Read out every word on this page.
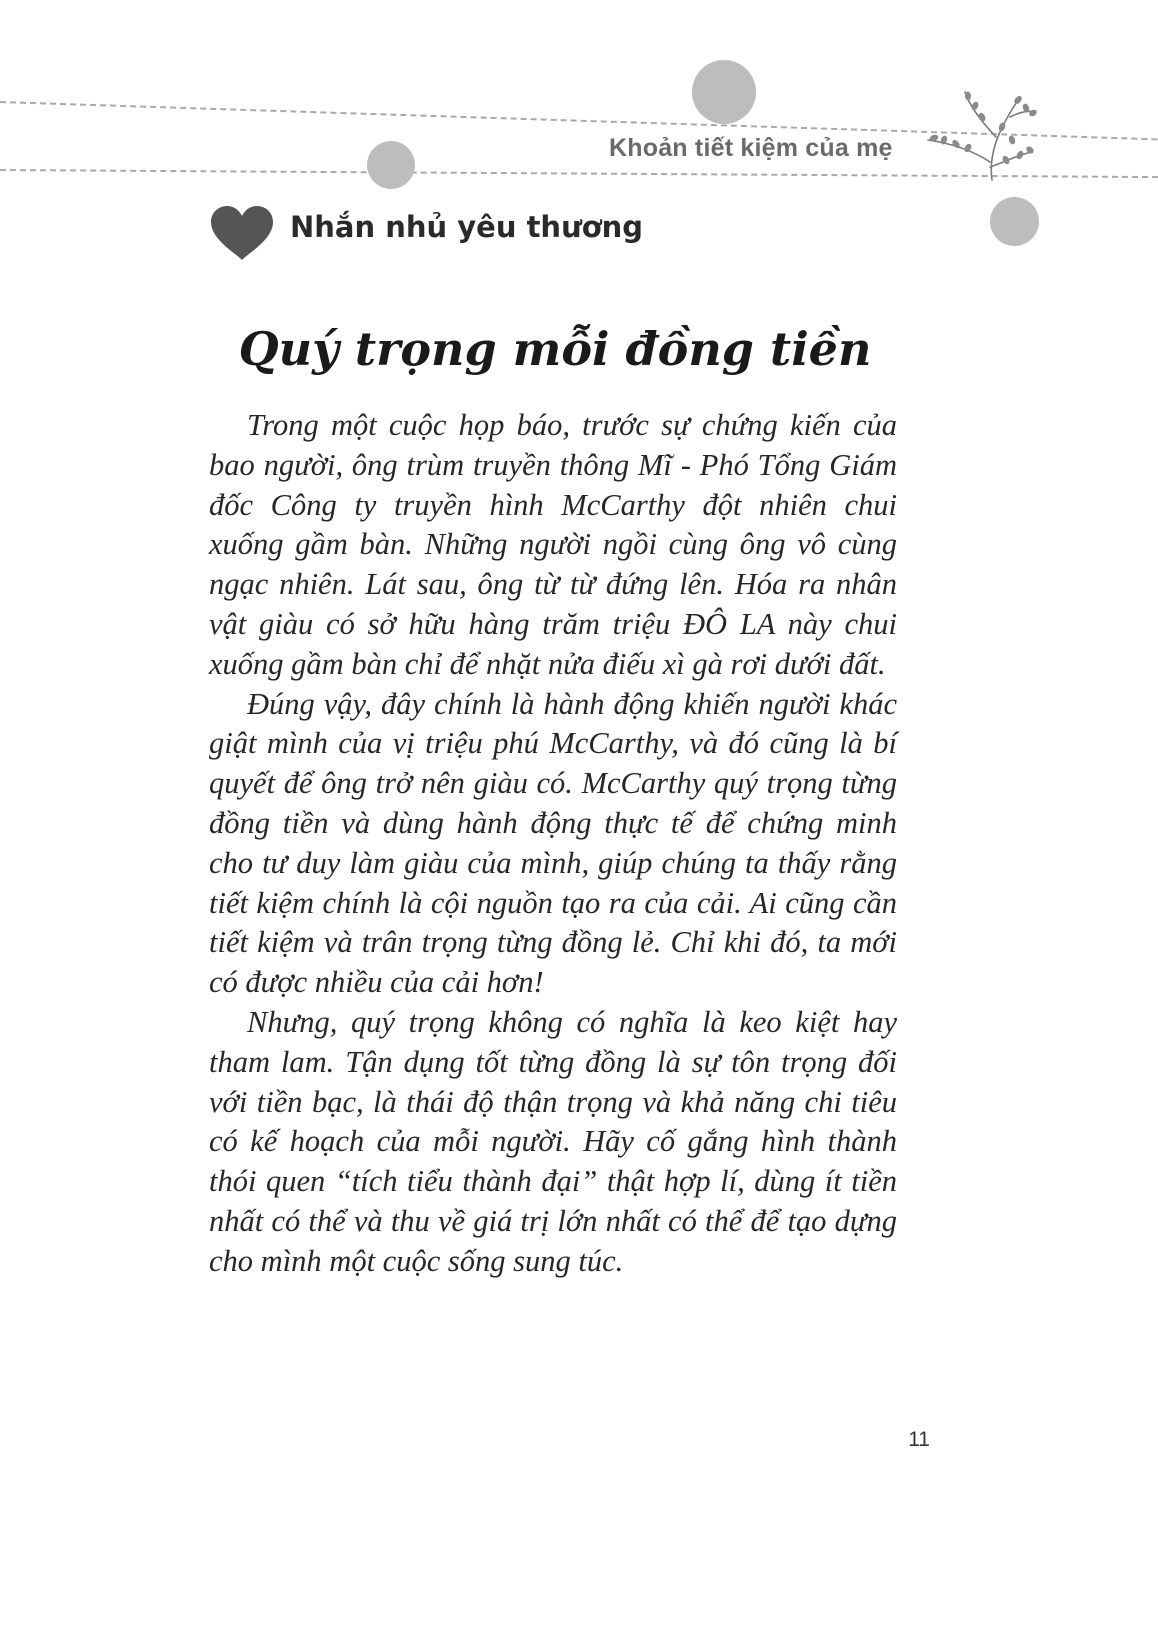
Khoản tiết kiệm của mẹ
Nhắn nhủ yêu thương
Quý trọng mỗi đồng tiền

Trong một cuộc họp báo, trước sự chứng kiến của bao người, ông trùm truyền thông Mĩ - Phó Tổng Giám đốc Công ty truyền hình McCarthy đột nhiên chui xuống gầm bàn. Những người ngồi cùng ông vô cùng ngạc nhiên. Lát sau, ông từ từ đứng lên. Hóa ra nhân vật giàu có sở hữu hàng trăm triệu ĐÔ LA này chui xuống gầm bàn chỉ để nhặt nửa điếu xì gà rơi dưới đất.

Đúng vậy, đây chính là hành động khiến người khác giật mình của vị triệu phú McCarthy, và đó cũng là bí quyết để ông trở nên giàu có. McCarthy quý trọng từng đồng tiền và dùng hành động thực tế để chứng minh cho tư duy làm giàu của mình, giúp chúng ta thấy rằng tiết kiệm chính là cội nguồn tạo ra của cải. Ai cũng cần tiết kiệm và trân trọng từng đồng lẻ. Chỉ khi đó, ta mới có được nhiều của cải hơn!

Nhưng, quý trọng không có nghĩa là keo kiệt hay tham lam. Tận dụng tốt từng đồng là sự tôn trọng đối với tiền bạc, là thái độ thận trọng và khả năng chi tiêu có kế hoạch của mỗi người. Hãy cố gắng hình thành thói quen “tích tiểu thành đại” thật hợp lí, dùng ít tiền nhất có thể và thu về giá trị lớn nhất có thể để tạo dựng cho mình một cuộc sống sung túc.

11
